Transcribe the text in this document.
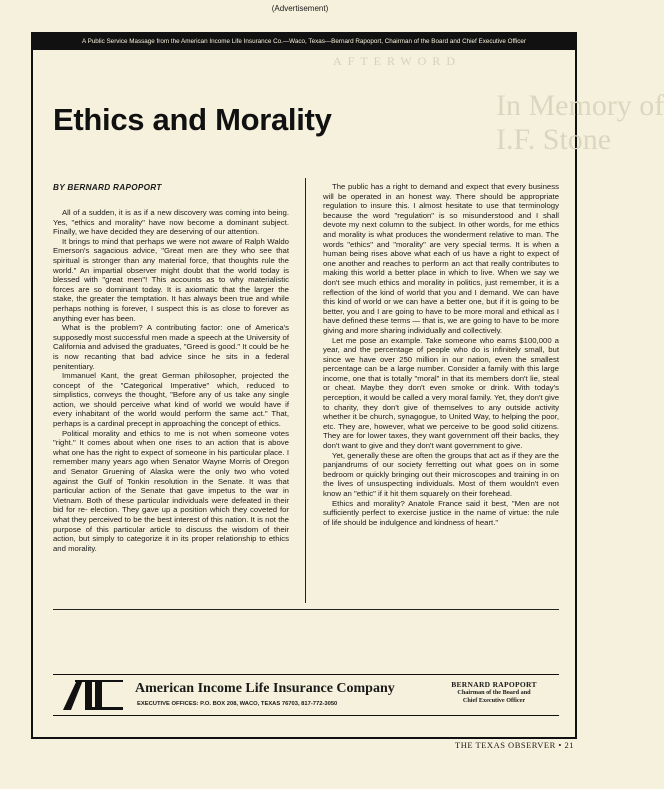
(Advertisement)
A Public Service Massage from the American Income Life Insurance Co.—Waco, Texas—Bernard Rapoport, Chairman of the Board and Chief Executive Officer
AFTERWORD
In Memory of
I.F. Stone
Ethics and Morality
BY BERNARD RAPOPORT

All of a sudden, it is as if a new discovery was coming into being. Yes, "ethics and morality" have now become a dominant subject. Finally, we have decided they are deserving of our attention.

It brings to mind that perhaps we were not aware of Ralph Waldo Emerson's sagacious advice, "Great men are they who see that spiritual is stronger than any material force, that thoughts rule the world." An impartial observer might doubt that the world today is blessed with "great men"! This accounts as to why materialistic forces are so dominant today. It is axiomatic that the larger the stake, the greater the temptation. It has always been true and while perhaps nothing is forever, I suspect this is as close to forever as anything ever has been.

What is the problem? A contributing factor: one of America's supposedly most successful men made a speech at the University of California and advised the graduates, "Greed is good." It could be he is now recanting that bad advice since he sits in a federal penitentiary.

Immanuel Kant, the great German philosopher, projected the concept of the "Categorical Imperative" which, reduced to simplistics, conveys the thought, "Before any of us take any single action, we should perceive what kind of world we would have if every inhabitant of the world would perform the same act." That, perhaps is a cardinal precept in approaching the concept of ethics.

Political morality and ethics to me is not when someone votes "right." It comes about when one rises to an action that is above what one has the right to expect of someone in his particular place. I remember many years ago when Senator Wayne Morris of Oregon and Senator Gruening of Alaska were the only two who voted against the Gulf of Tonkin resolution in the Senate. It was that particular action of the Senate that gave impetus to the war in Vietnam. Both of these particular individuals were defeated in their bid for re- election. They gave up a position which they coveted for what they perceived to be the best interest of this nation. It is not the purpose of this particular article to discuss the wisdom of their action, but simply to categorize it in its proper relationship to ethics and morality.

The public has a right to demand and expect that every business will be operated in an honest way. There should be appropriate regulation to insure this. I almost hesitate to use that terminology because the word "regulation" is so misunderstood and I shall devote my next column to the subject. In other words, for me ethics and morality is what produces the wonderment relative to man. The words "ethics" and "morality" are very special terms. It is when a human being rises above what each of us have a right to expect of one another and reaches to perform an act that really contributes to making this world a better place in which to live. When we say we don't see much ethics and morality in politics, just remember, it is a reflection of the kind of world that you and I demand. We can have this kind of world or we can have a better one, but if it is going to be better, you and I are going to have to be more moral and ethical as I have defined these terms — that is, we are going to have to be more giving and more sharing individually and collectively.

Let me pose an example. Take someone who earns $100,000 a year, and the percentage of people who do is infinitely small, but since we have over 250 million in our nation, even the smallest percentage can be a large number. Consider a family with this large income, one that is totally "moral" in that its members don't lie, steal or cheat. Maybe they don't even smoke or drink. With today's perception, it would be called a very moral family. Yet, they don't give to charity, they don't give of themselves to any outside activity whether it be church, synagogue, to United Way, to helping the poor, etc. They are, however, what we perceive to be good solid citizens. They are for lower taxes, they want government off their backs, they don't want to give and they don't want government to give.

Yet, generally these are often the groups that act as if they are the panjandrums of our society ferretting out what goes on in some bedroom or quickly bringing out their microscopes and training in on the lives of unsuspecting individuals. Most of them wouldn't even know an "ethic" if it hit them squarely on their forehead.

Ethics and morality? Anatole France said it best, "Men are not sufficiently perfect to exercise justice in the name of virtue: the rule of life should be indulgence and kindness of heart."

American Income Life Insurance Company
EXECUTIVE OFFICES: P.O. BOX 208, WACO, TEXAS 76703, 817-772-3050
BERNARD RAPOPORT
Chairman of the Board and
Chief Executive Officer
THE TEXAS OBSERVER • 21
